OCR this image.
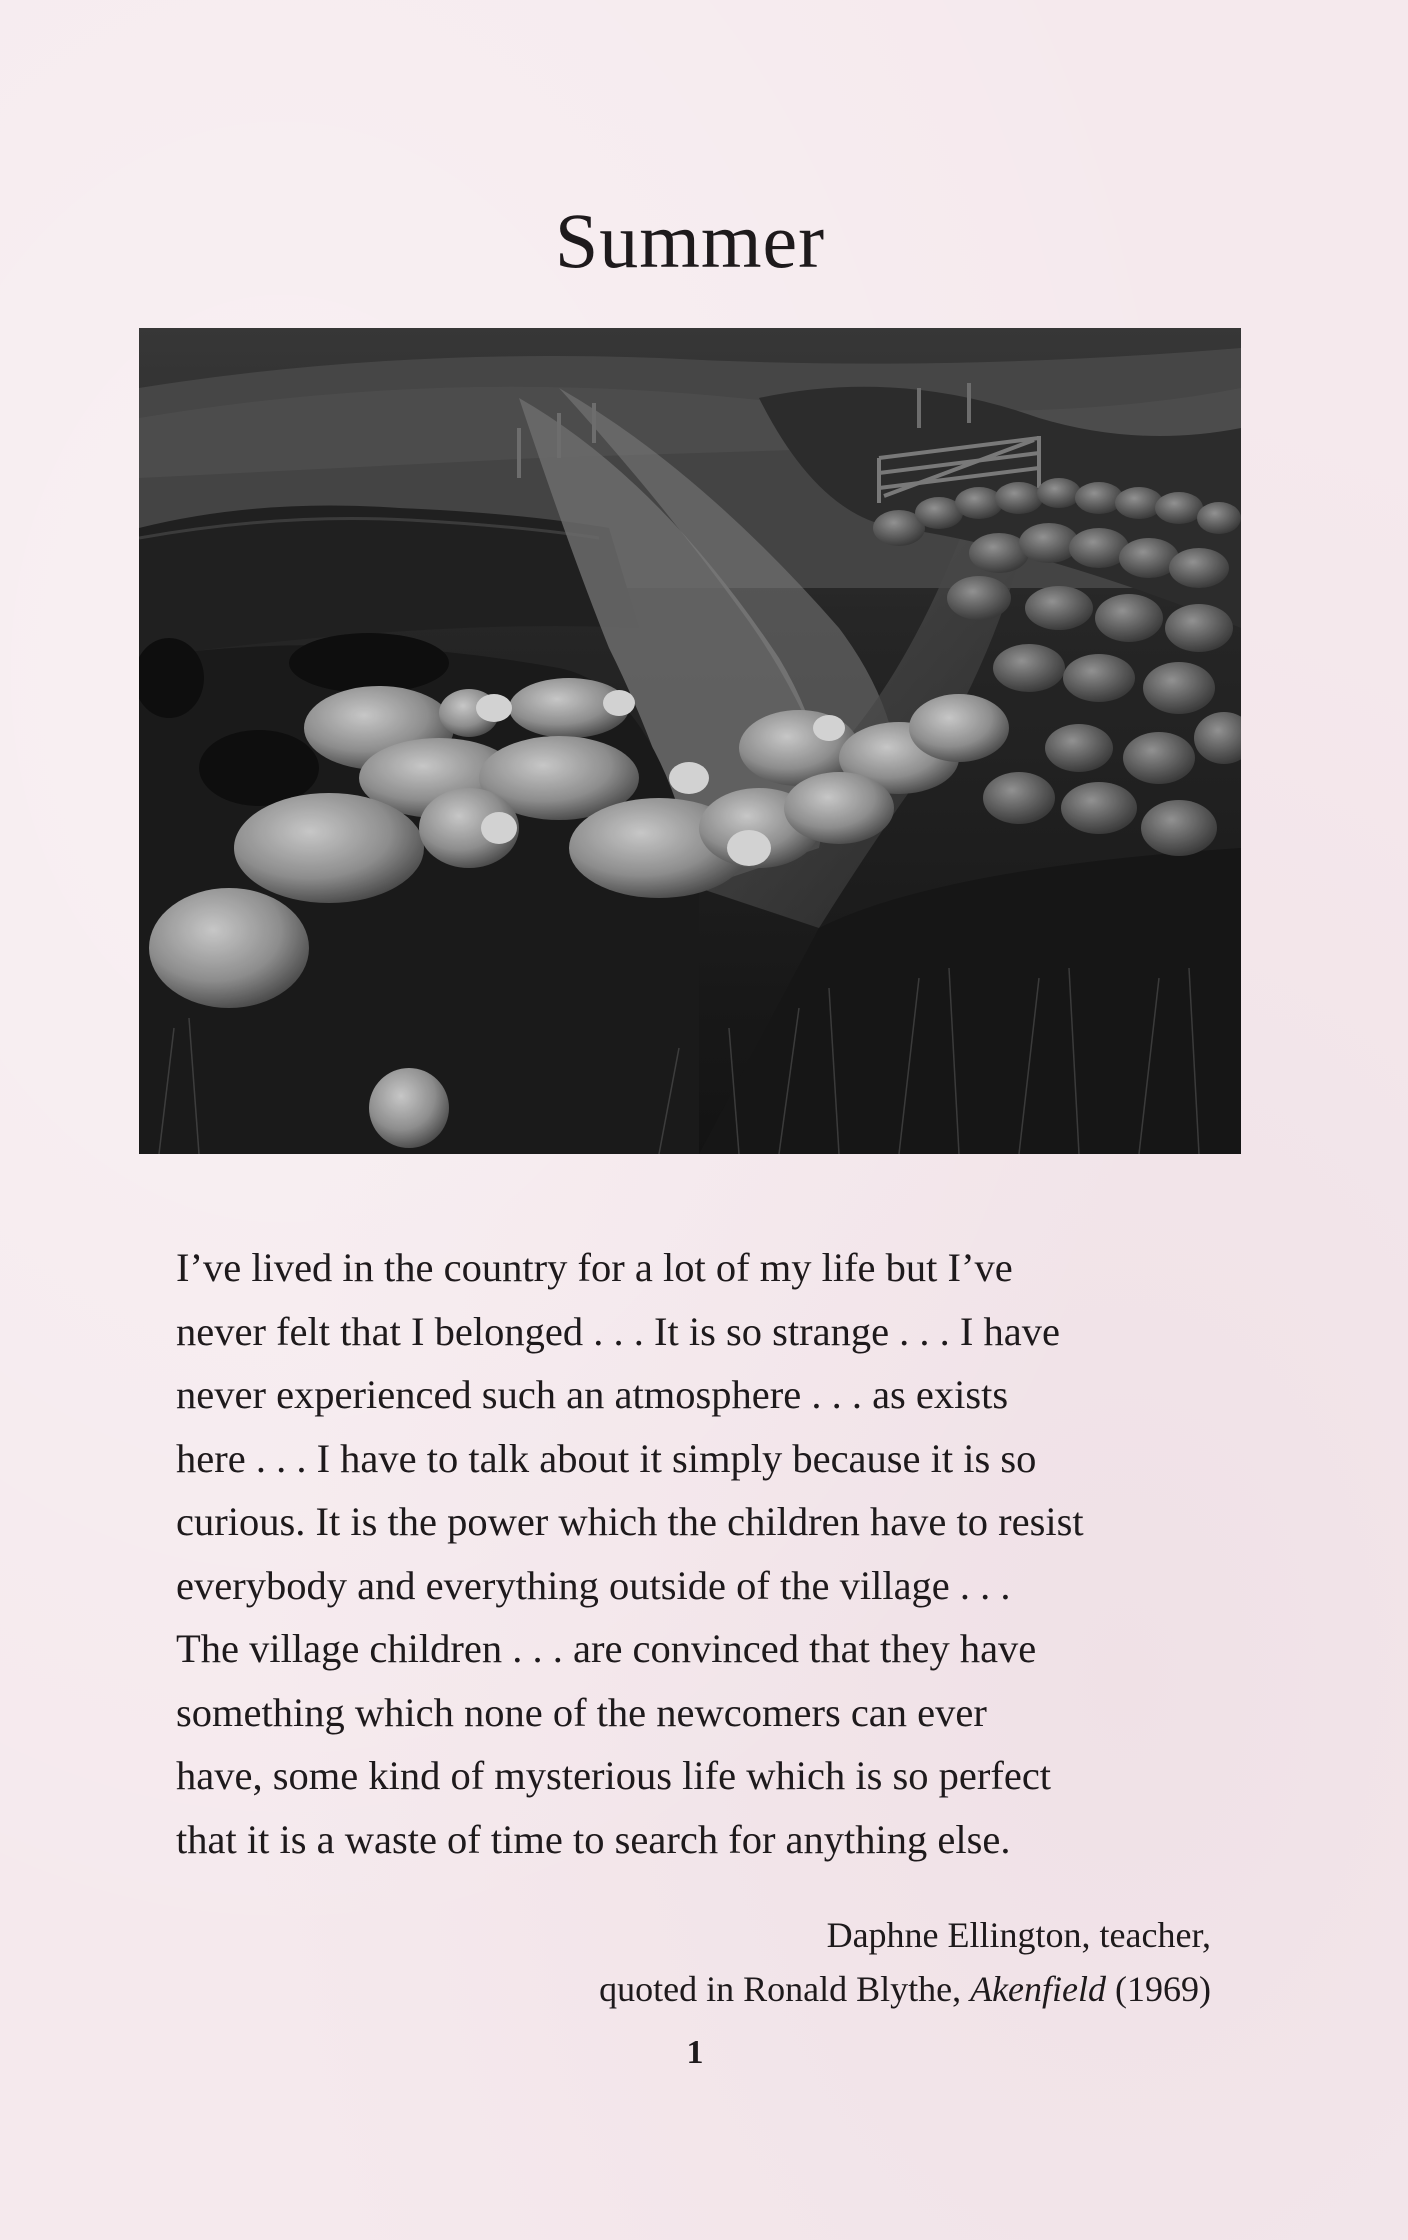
Summer
I’ve lived in the country for a lot of my life but I’ve
never felt that I belonged . . . It is so strange . . . I have
never experienced such an atmosphere . . . as exists
here . . . I have to talk about it simply because it is so
curious. It is the power which the children have to resist
everybody and everything outside of the village . . .
The village children . . . are convinced that they have
something which none of the newcomers can ever
have, some kind of mysterious life which is so perfect
that it is a waste of time to search for anything else.
Daphne Ellington, teacher,
quoted in Ronald Blythe, Akenfield (1969)
1
